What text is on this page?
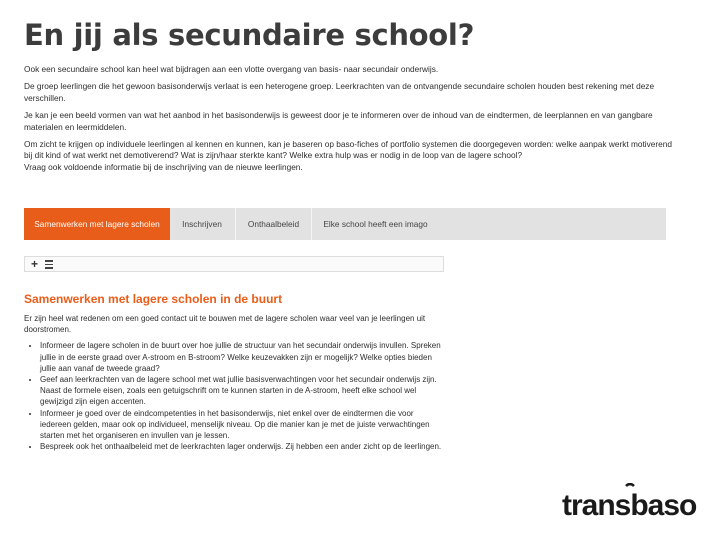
En jij als secundaire school?

Ook een secundaire school kan heel wat bijdragen aan een vlotte overgang van basis- naar secundair onderwijs.

De groep leerlingen die het gewoon basisonderwijs verlaat is een heterogene groep. Leerkrachten van de ontvangende secundaire scholen houden best rekening met deze verschillen.

Je kan je een beeld vormen van wat het aanbod in het basisonderwijs is geweest door je te informeren over de inhoud van de eindtermen, de leerplannen en van gangbare materialen en leermiddelen.

Om zicht te krijgen op individuele leerlingen al kennen en kunnen, kan je baseren op baso-fiches of portfolio systemen die doorgegeven worden: welke aanpak werkt motiverend bij dit kind of wat werkt net demotiverend? Wat is zijn/haar sterkte kant? Welke extra hulp was er nodig in de loop van de lagere school?

Vraag ook voldoende informatie bij de inschrijving van de nieuwe leerlingen.

Samenwerken met lagere scholen	Inschrijven	Onthaalbeleid	Elke school heeft een imago
+
Samenwerken met lagere scholen in de buurt

Er zijn heel wat redenen om een goed contact uit te bouwen met de lagere scholen waar veel van je leerlingen uit doorstromen.

• Informeer de lagere scholen in de buurt over hoe jullie de structuur van het secundair onderwijs invullen. Spreken jullie in de eerste graad over A-stroom en B-stroom? Welke keuzevakken zijn er mogelijk? Welke opties bieden jullie aan vanaf de tweede graad?
• Geef aan leerkrachten van de lagere school met wat jullie basisverwachtingen voor het secundair onderwijs zijn. Naast de formele eisen, zoals een getuigschrift om te kunnen starten in de A-stroom, heeft elke school wel gewijzigd zijn eigen accenten.
• Informeer je goed over de eindcompetenties in het basisonderwijs, niet enkel over de eindtermen die voor iedereen gelden, maar ook op individueel, menselijk niveau. Op die manier kan je met de juiste verwachtingen starten met het organiseren en invullen van je lessen.
• Bespreek ook het onthaalbeleid met de leerkrachten lager onderwijs. Zij hebben een ander zicht op de leerlingen.
transbaso
